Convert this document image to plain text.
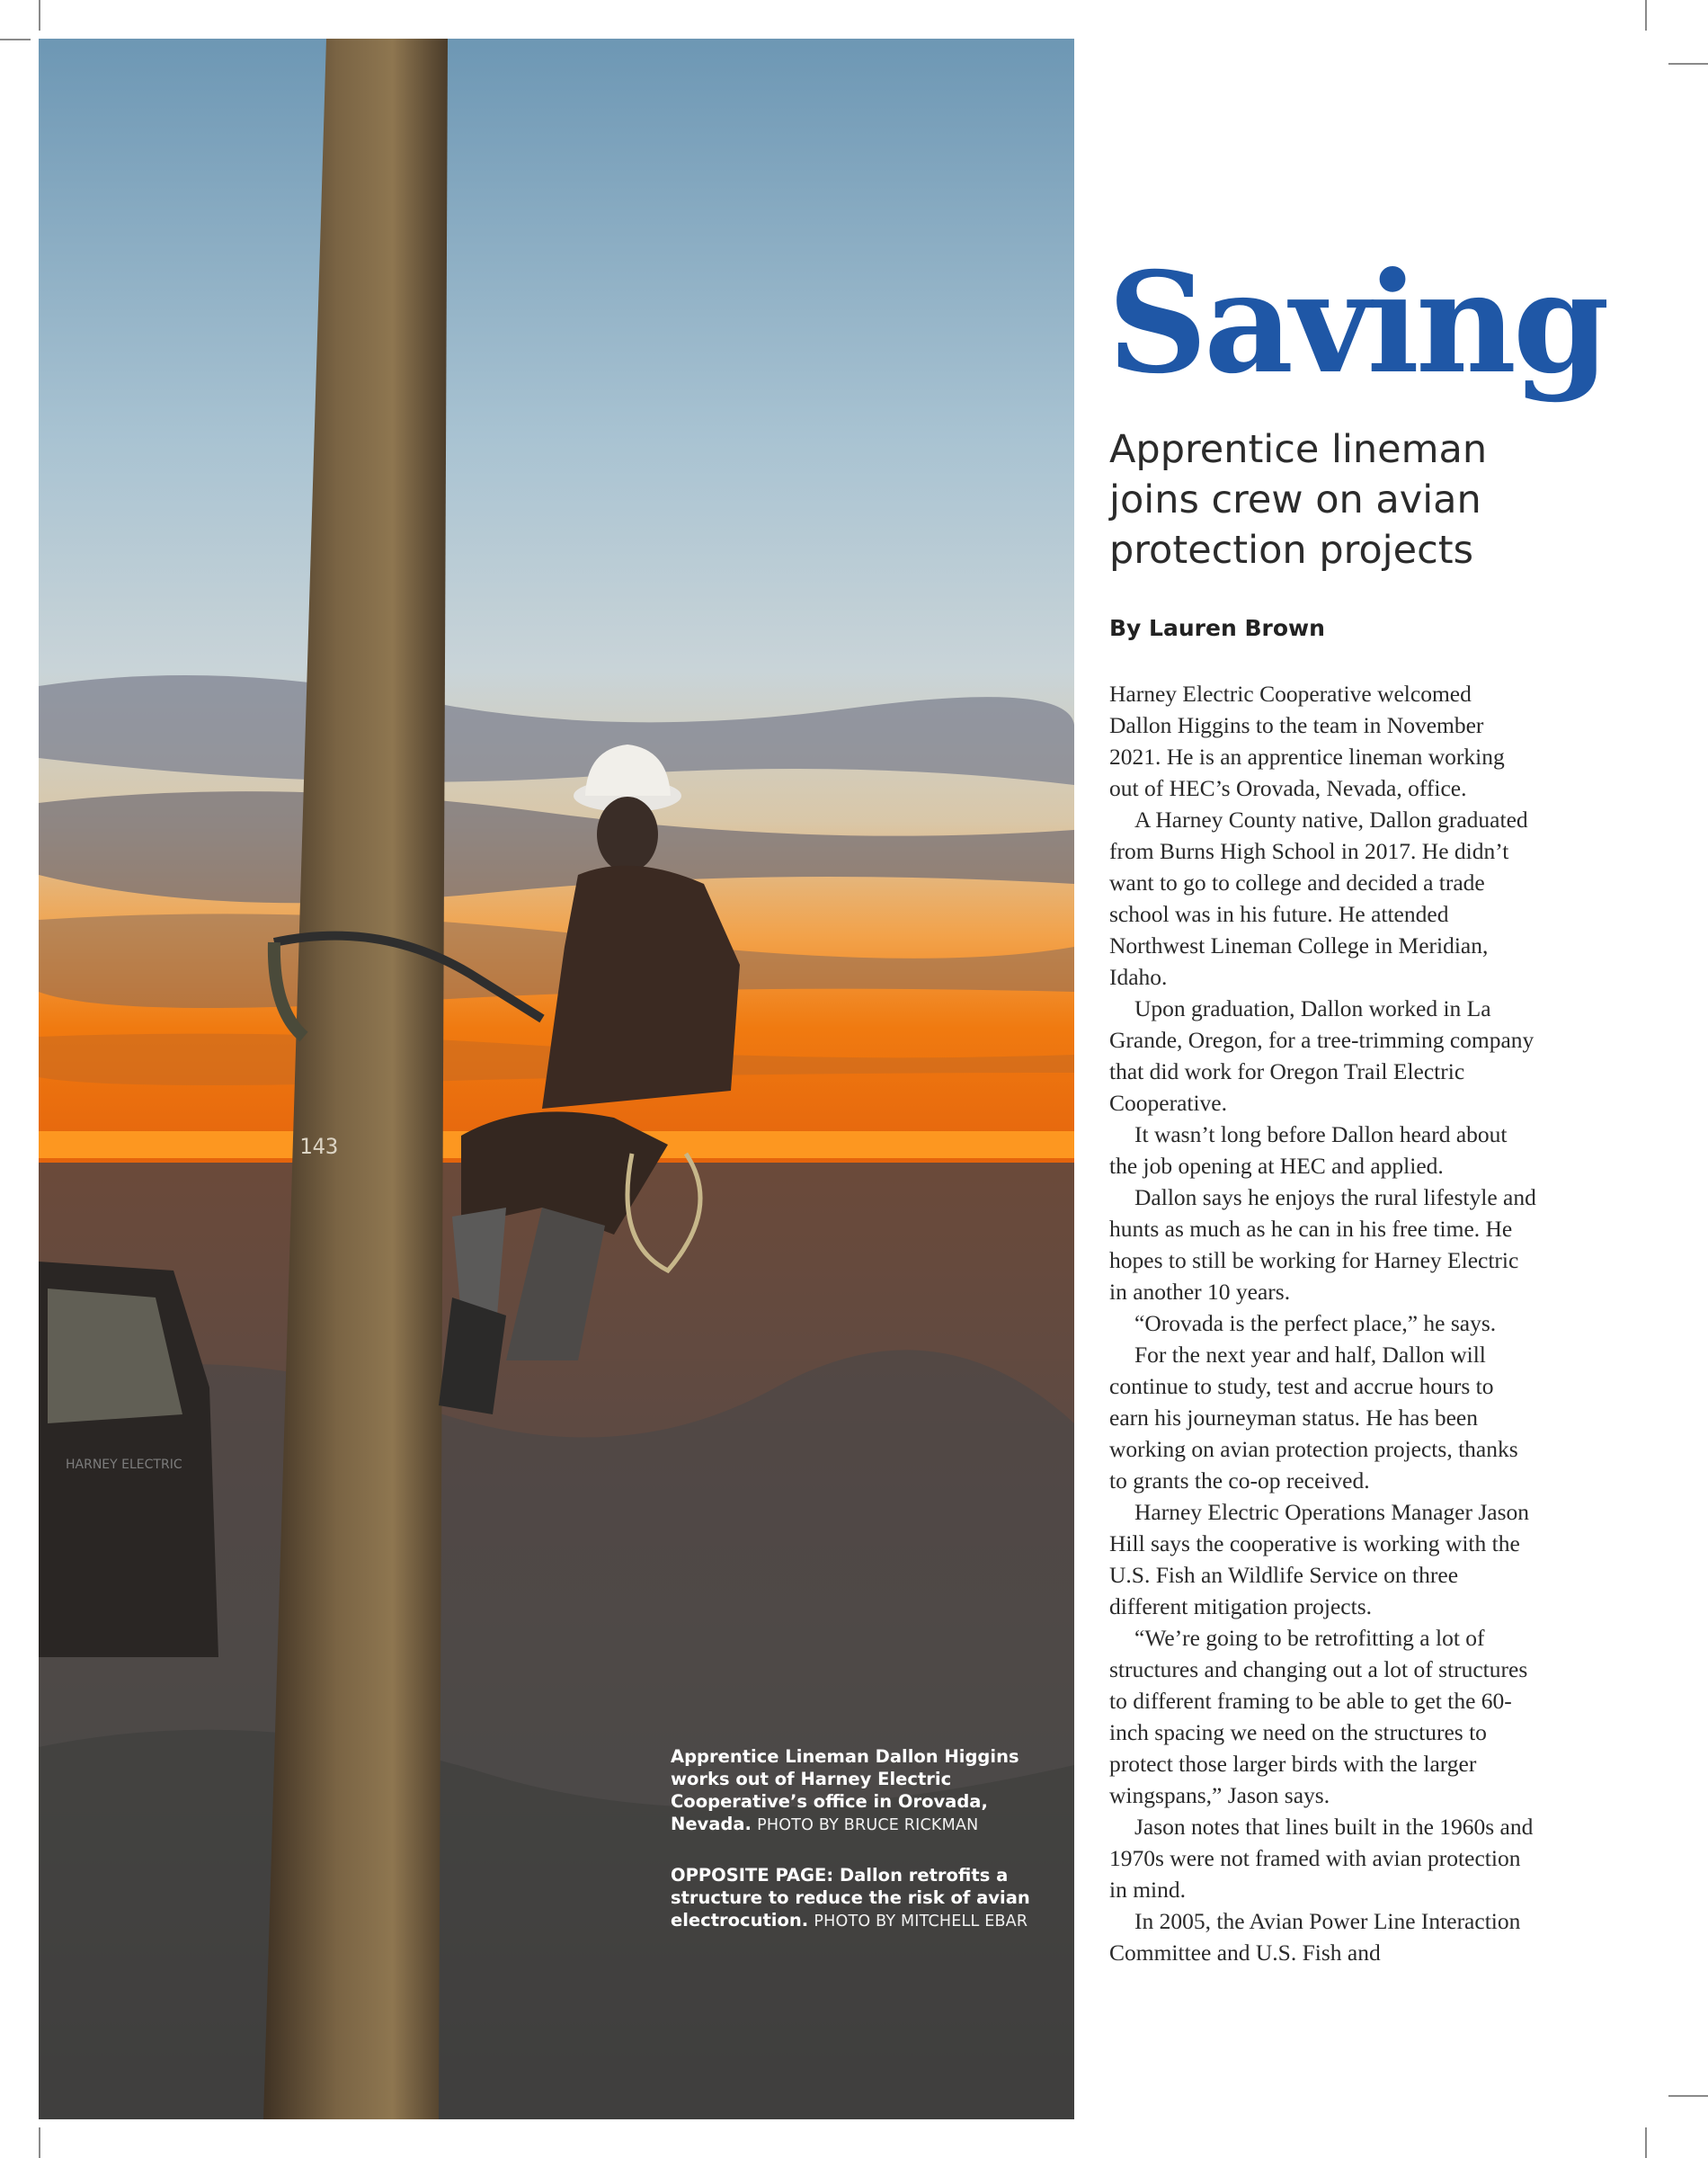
HARNEY ELECTRIC
143
Apprentice Lineman Dallon Higgins works out of Harney Electric Cooperative’s office in Orovada, Nevada. PHOTO BY BRUCE RICKMAN
OPPOSITE PAGE: Dallon retrofits a structure to reduce the risk of avian electrocution. PHOTO BY MITCHELL EBAR
Saving
Apprentice lineman joins crew on avian protection projects

By Lauren Brown

Harney Electric Cooperative welcomed Dallon Higgins to the team in November 2021. He is an apprentice lineman working out of HEC’s Orovada, Nevada, office.

A Harney County native, Dallon graduated from Burns High School in 2017. He didn’t want to go to college and decided a trade school was in his future. He attended Northwest Lineman College in Meridian, Idaho.

Upon graduation, Dallon worked in La Grande, Oregon, for a tree-trimming company that did work for Oregon Trail Electric Cooperative.

It wasn’t long before Dallon heard about the job opening at HEC and applied.

Dallon says he enjoys the rural lifestyle and hunts as much as he can in his free time. He hopes to still be working for Harney Electric in another 10 years.

“Orovada is the perfect place,” he says.

For the next year and half, Dallon will continue to study, test and accrue hours to earn his journeyman status. He has been working on avian protection projects, thanks to grants the co-op received.

Harney Electric Operations Manager Jason Hill says the cooperative is working with the U.S. Fish an Wildlife Service on three different mitigation projects.

“We’re going to be retrofitting a lot of structures and changing out a lot of structures to different framing to be able to get the 60-inch spacing we need on the structures to protect those larger birds with the larger wingspans,” Jason says.

Jason notes that lines built in the 1960s and 1970s were not framed with avian protection in mind.

In 2005, the Avian Power Line Interaction Committee and U.S. Fish and
